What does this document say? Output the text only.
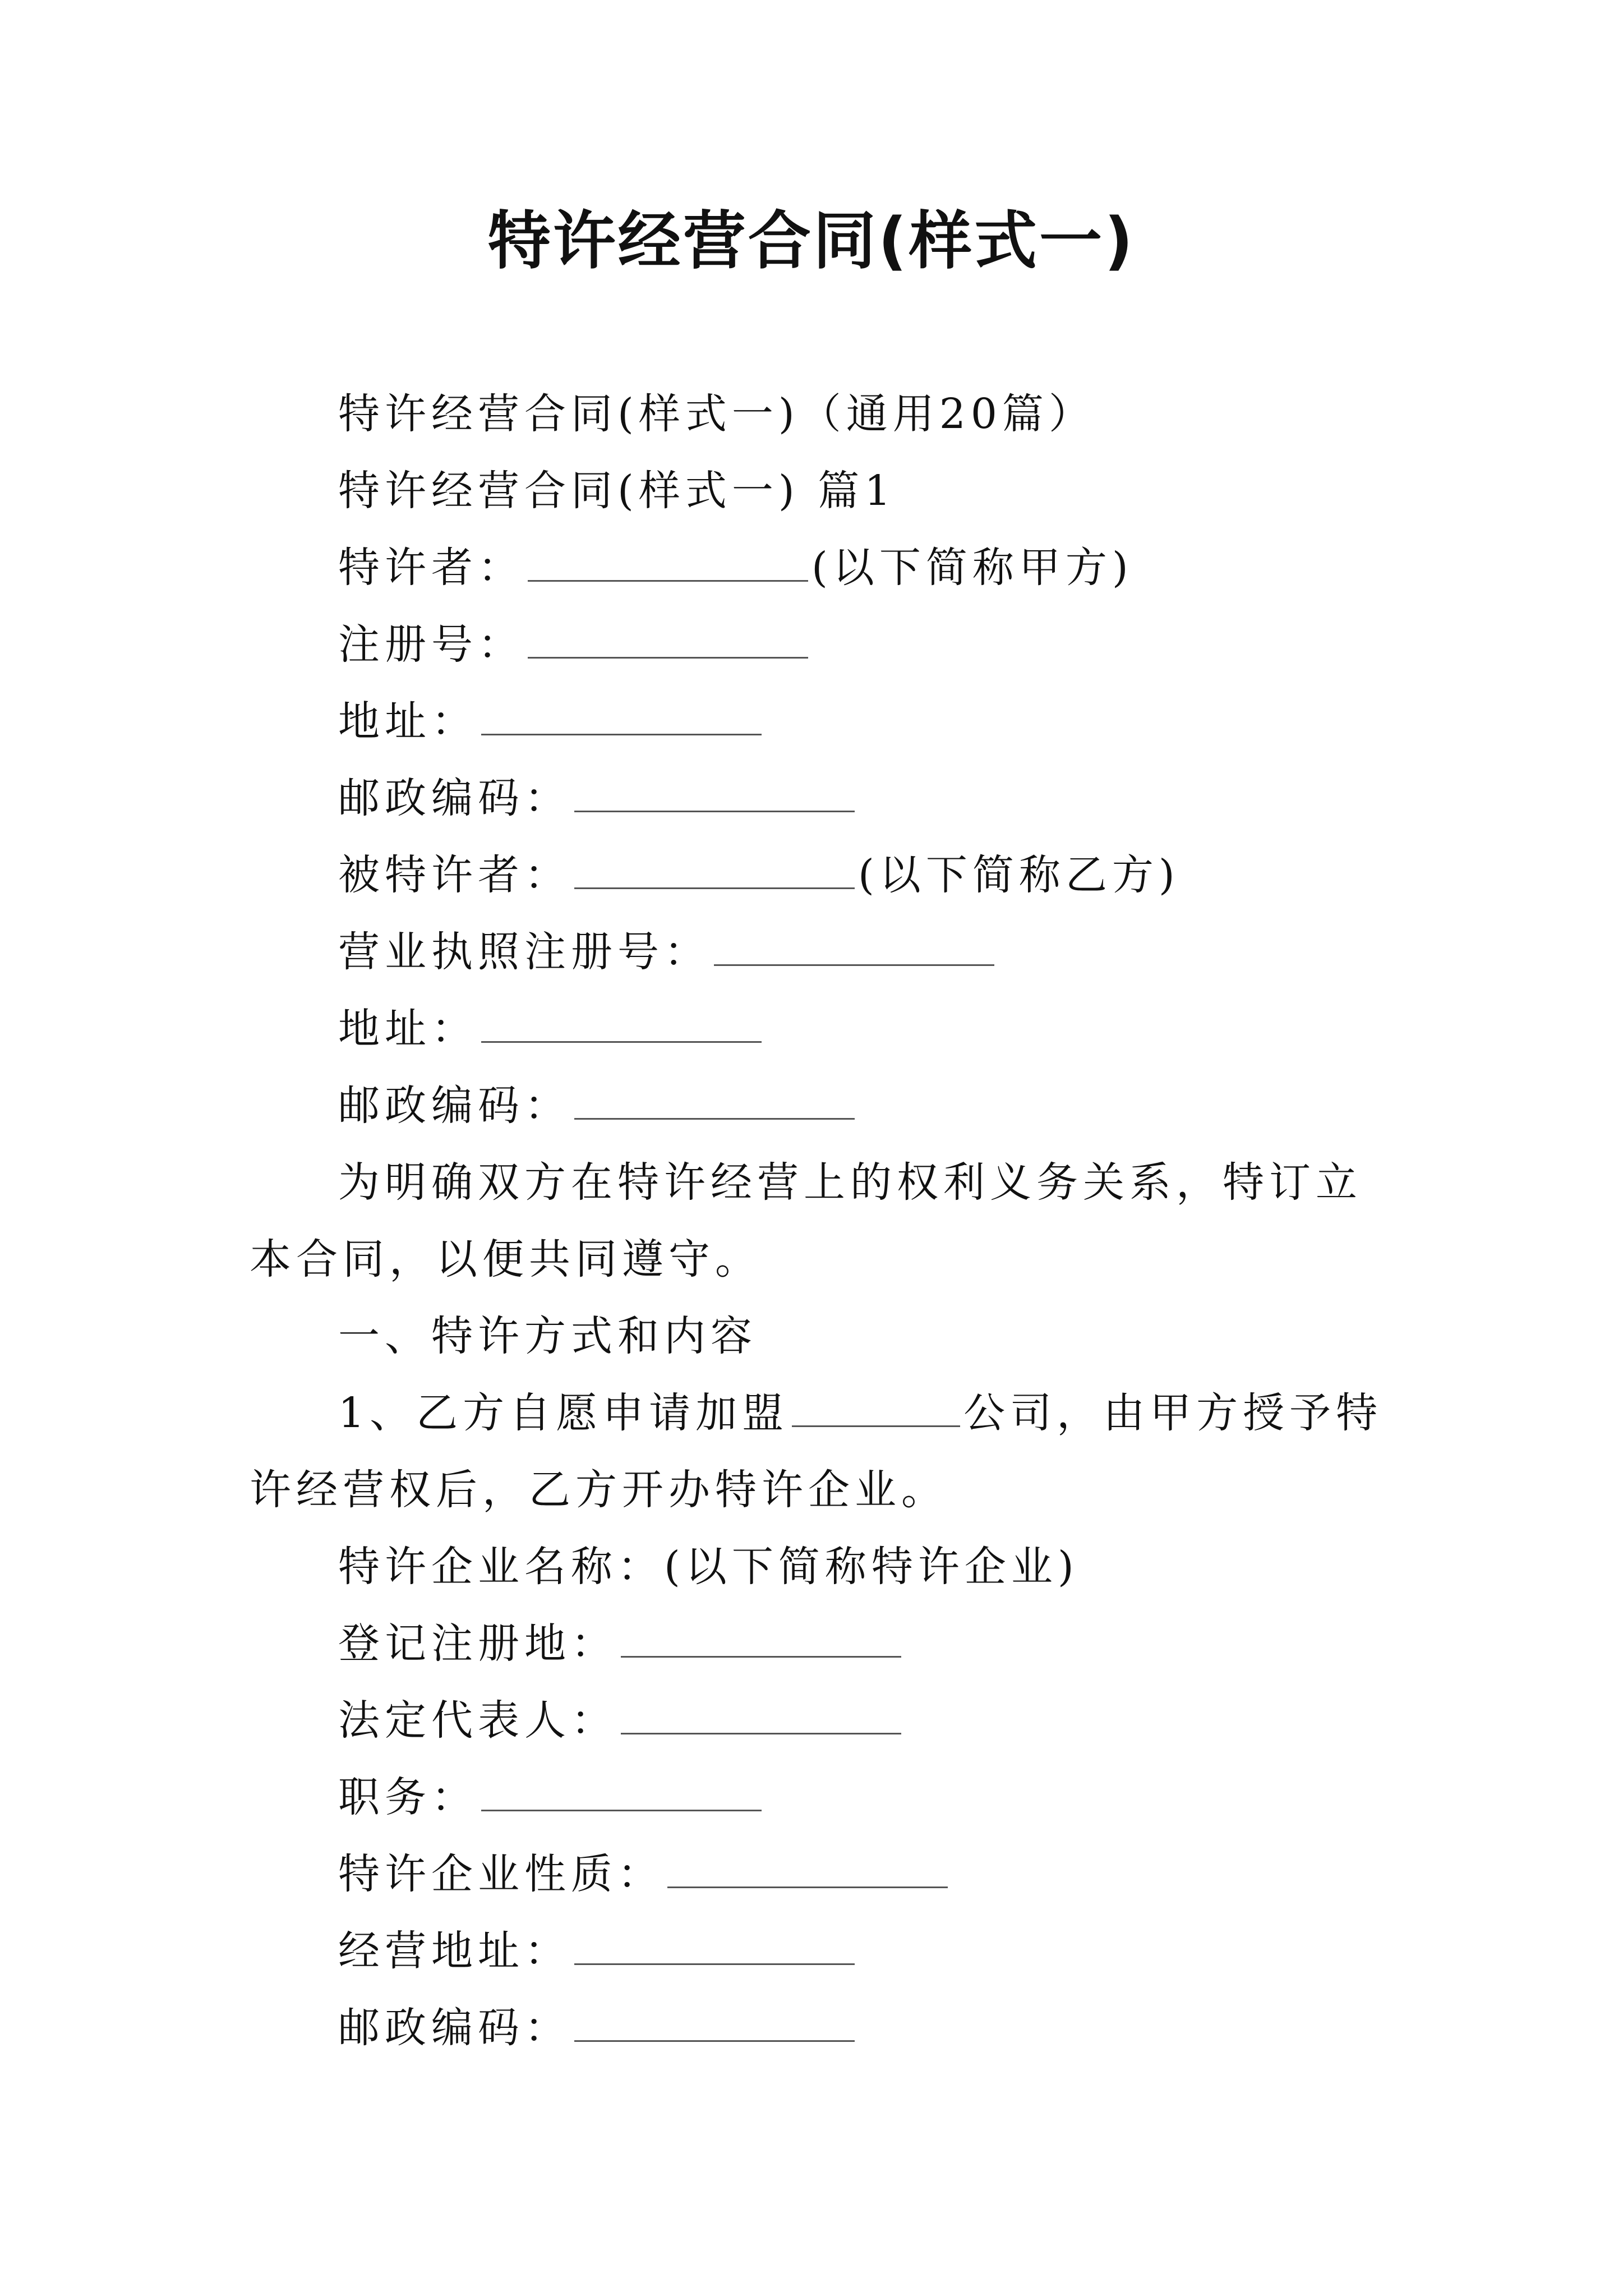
特许经营合同(样式一)
特许经营合同(样式一)（通用20篇）
特许经营合同(样式一) 篇1
特许者：	(以下简称甲方)
注册号：
地址：
邮政编码：
被特许者：	(以下简称乙方)
营业执照注册号：
地址：
邮政编码：
为明确双方在特许经营上的权利义务关系，特订立本合同，以便共同遵守。
一、特许方式和内容
1、乙方自愿申请加盟	公司，由甲方授予特许经营权后，乙方开办特许企业。
特许企业名称：(以下简称特许企业)
登记注册地：
法定代表人：
职务：
特许企业性质：
经营地址：
邮政编码：
